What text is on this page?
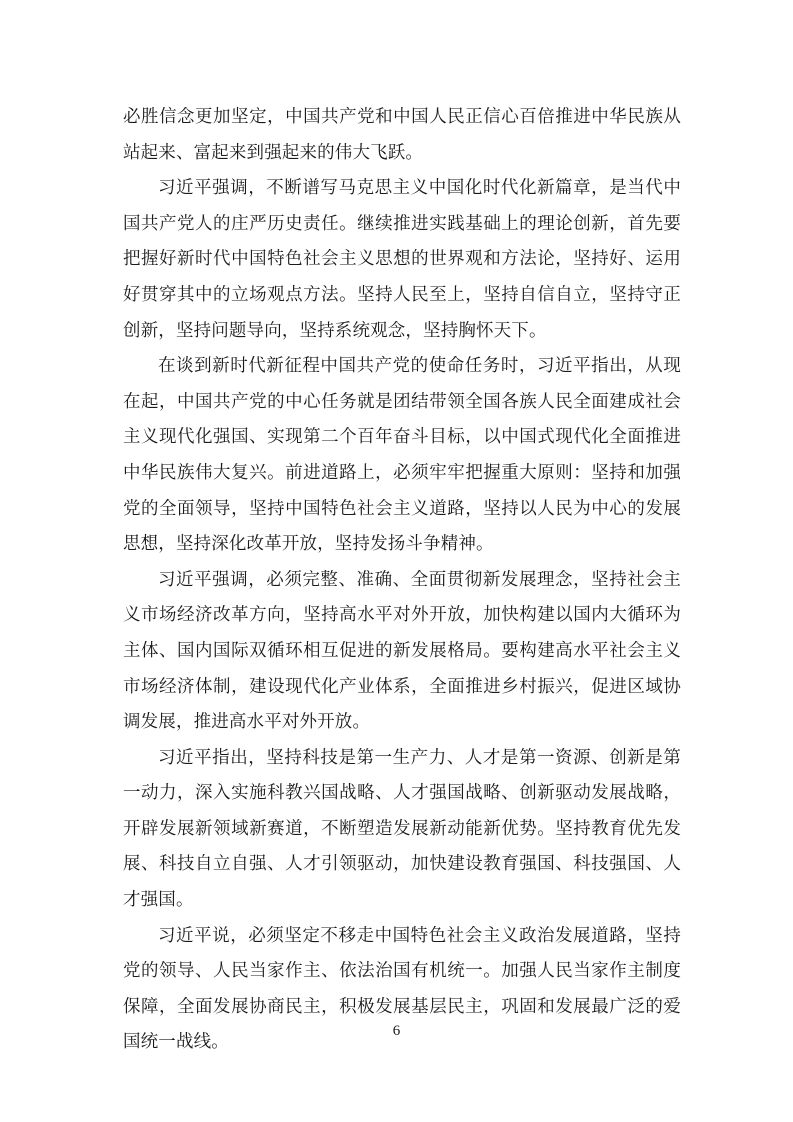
必胜信念更加坚定，中国共产党和中国人民正信心百倍推进中华民族从站起来、富起来到强起来的伟大飞跃。

习近平强调，不断谱写马克思主义中国化时代化新篇章，是当代中国共产党人的庄严历史责任。继续推进实践基础上的理论创新，首先要把握好新时代中国特色社会主义思想的世界观和方法论，坚持好、运用好贯穿其中的立场观点方法。坚持人民至上，坚持自信自立，坚持守正创新，坚持问题导向，坚持系统观念，坚持胸怀天下。

在谈到新时代新征程中国共产党的使命任务时，习近平指出，从现在起，中国共产党的中心任务就是团结带领全国各族人民全面建成社会主义现代化强国、实现第二个百年奋斗目标，以中国式现代化全面推进中华民族伟大复兴。前进道路上，必须牢牢把握重大原则：坚持和加强党的全面领导，坚持中国特色社会主义道路，坚持以人民为中心的发展思想，坚持深化改革开放，坚持发扬斗争精神。

习近平强调，必须完整、准确、全面贯彻新发展理念，坚持社会主义市场经济改革方向，坚持高水平对外开放，加快构建以国内大循环为主体、国内国际双循环相互促进的新发展格局。要构建高水平社会主义市场经济体制，建设现代化产业体系，全面推进乡村振兴，促进区域协调发展，推进高水平对外开放。

习近平指出，坚持科技是第一生产力、人才是第一资源、创新是第一动力，深入实施科教兴国战略、人才强国战略、创新驱动发展战略，开辟发展新领域新赛道，不断塑造发展新动能新优势。坚持教育优先发展、科技自立自强、人才引领驱动，加快建设教育强国、科技强国、人才强国。

习近平说，必须坚定不移走中国特色社会主义政治发展道路，坚持党的领导、人民当家作主、依法治国有机统一。加强人民当家作主制度保障，全面发展协商民主，积极发展基层民主，巩固和发展最广泛的爱国统一战线。

6
